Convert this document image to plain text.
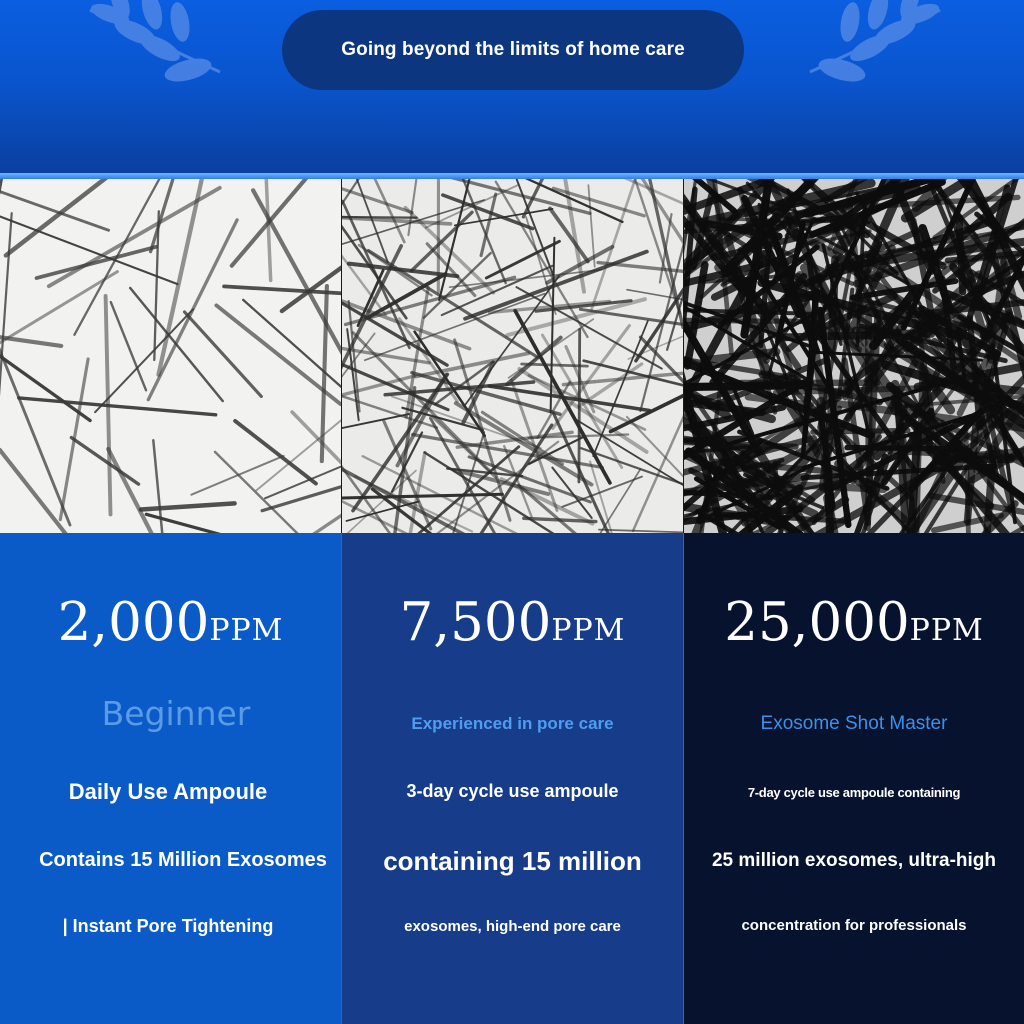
Going beyond the limits of home care
2,000PPM
Beginner
Daily Use Ampoule
Contains 15 Million Exosomes
| Instant Pore Tightening
7,500PPM
Experienced in pore care
3-day cycle use ampoule
containing 15 million
exosomes, high-end pore care
25,000PPM
Exosome Shot Master
7-day cycle use ampoule containing
25 million exosomes, ultra-high
concentration for professionals
